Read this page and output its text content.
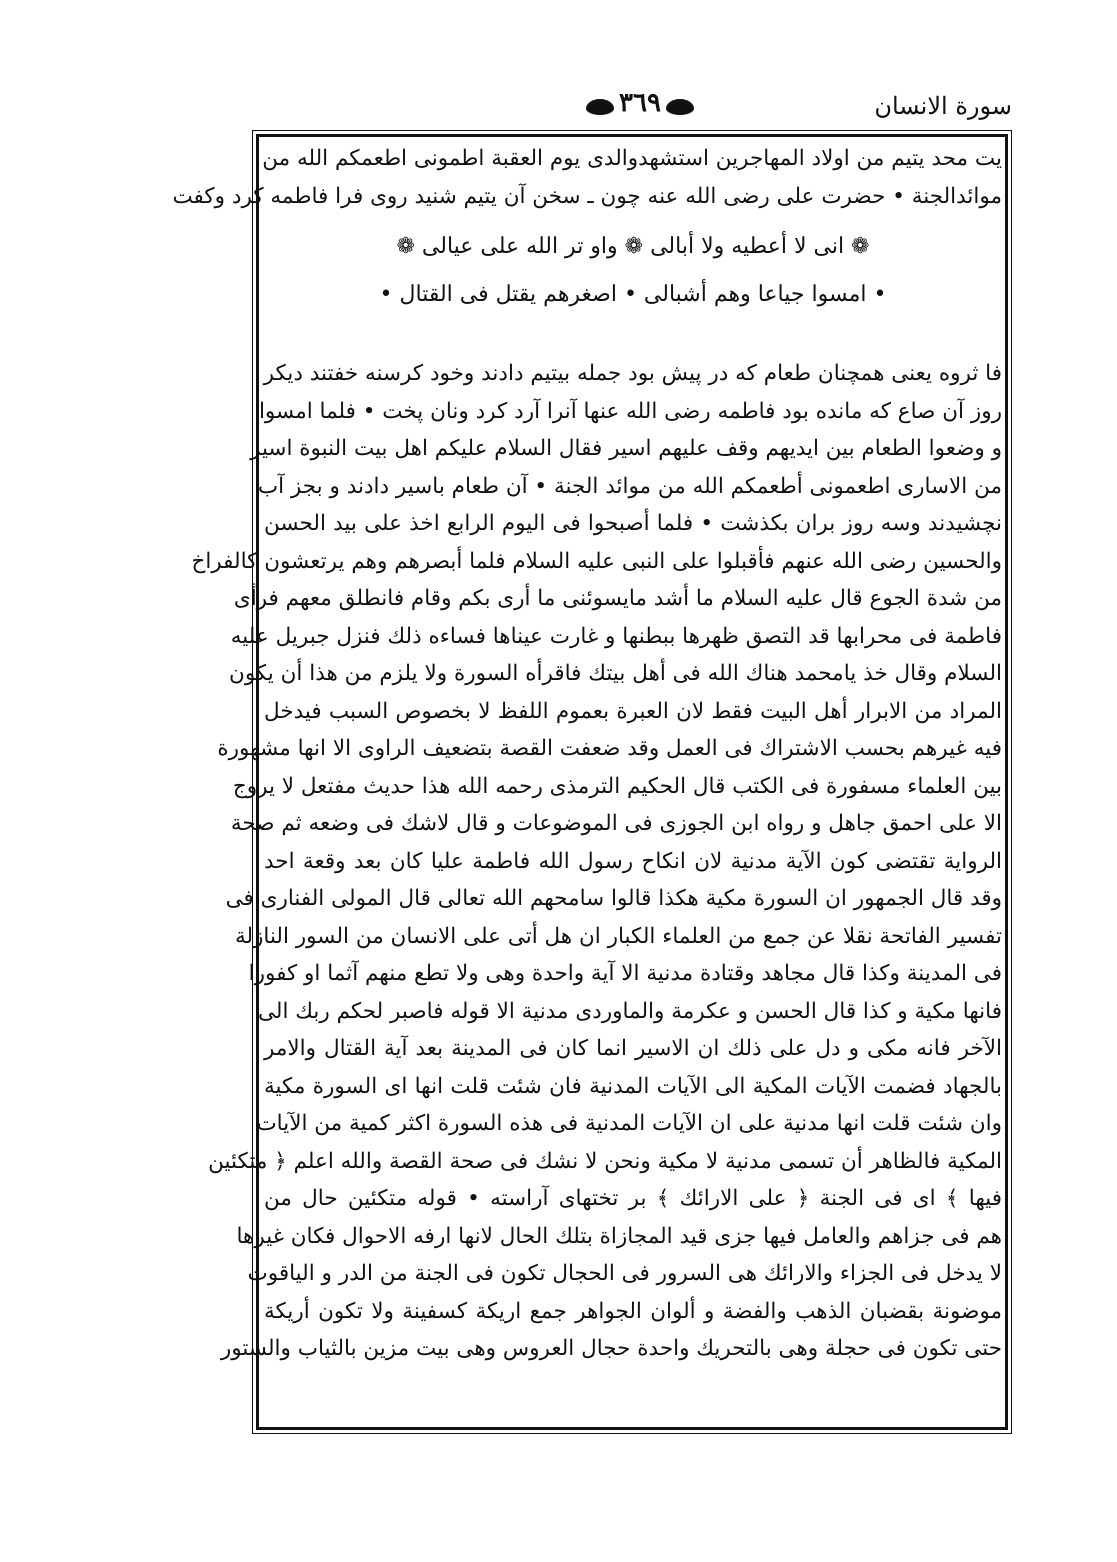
سورة الانسان
٣٦٩
يت محد يتيم من اولاد المهاجرين استشهدوالدى يوم العقبة اطمونى اطعمكم الله من
موائدالجنة • حضرت على رضى الله عنه چون ـ سخن آن يتيم شنيد روى فرا فاطمه كرد وكفت
❁ انى لا أعطيه ولا أبالى ❁ واو تر الله على عيالى ❁
• امسوا جياعا وهم أشبالى • اصغرهم يقتل فى القتال •
فا ثروه يعنى همچنان طعام كه در پيش بود جمله بيتيم دادند وخود كرسنه خفتند ديكر
روز آن صاع كه مانده بود فاطمه رضى الله عنها آنرا آرد كرد ونان پخت • فلما امسوا
و وضعوا الطعام بين ايديهم وقف عليهم اسير فقال السلام عليكم اهل بيت النبوة اسير
من الاسارى اطعمونى أطعمكم الله من موائد الجنة • آن طعام باسير دادند و بجز آب
نچشيدند وسه روز بران بكذشت • فلما أصبحوا فى اليوم الرابع اخذ على بيد الحسن
والحسين رضى الله عنهم فأقبلوا على النبى عليه السلام فلما أبصرهم وهم يرتعشون كالفراخ
من شدة الجوع قال عليه السلام ما أشد مايسوئنى ما أرى بكم وقام فانطلق معهم فرأى
فاطمة فى محرابها قد التصق ظهرها ببطنها و غارت عيناها فساءه ذلك فنزل جبريل عليه
السلام وقال خذ يامحمد هناك الله فى أهل بيتك فاقرأه السورة ولا يلزم من هذا أن يكون
المراد من الابرار أهل البيت فقط لان العبرة بعموم اللفظ لا بخصوص السبب فيدخل
فيه غيرهم بحسب الاشتراك فى العمل وقد ضعفت القصة بتضعيف الراوى الا انها مشهورة
بين العلماء مسفورة فى الكتب قال الحكيم الترمذى رحمه الله هذا حديث مفتعل لا يروج
الا على احمق جاهل و رواه ابن الجوزى فى الموضوعات و قال لاشك فى وضعه ثم صحة
الرواية تقتضى كون الآية مدنية لان انكاح رسول الله فاطمة عليا كان بعد وقعة احد
وقد قال الجمهور ان السورة مكية هكذا قالوا سامحهم الله تعالى قال المولى الفنارى فى
تفسير الفاتحة نقلا عن جمع من العلماء الكبار ان هل أتى على الانسان من السور النازلة
فى المدينة وكذا قال مجاهد وقتادة مدنية الا آية واحدة وهى ولا تطع منهم آثما او كفورا
فانها مكية و كذا قال الحسن و عكرمة والماوردى مدنية الا قوله فاصبر لحكم ربك الى
الآخر فانه مكى و دل على ذلك ان الاسير انما كان فى المدينة بعد آية القتال والامر
بالجهاد فضمت الآيات المكية الى الآيات المدنية فان شئت قلت انها اى السورة مكية
وان شئت قلت انها مدنية على ان الآيات المدنية فى هذه السورة اكثر كمية من الآيات
المكية فالظاهر أن تسمى مدنية لا مكية ونحن لا نشك فى صحة القصة والله اعلم ﴿ متكئين
فيها ﴾ اى فى الجنة ﴿ على الارائك ﴾ بر تختهاى آراسته • قوله متكئين حال من
هم فى جزاهم والعامل فيها جزى قيد المجازاة بتلك الحال لانها ارفه الاحوال فكان غيرها
لا يدخل فى الجزاء والارائك هى السرور فى الحجال تكون فى الجنة من الدر و الياقوت
موضونة بقضبان الذهب والفضة و ألوان الجواهر جمع اريكة كسفينة ولا تكون أريكة
حتى تكون فى حجلة وهى بالتحريك واحدة حجال العروس وهى بيت مزين بالثياب والستور
